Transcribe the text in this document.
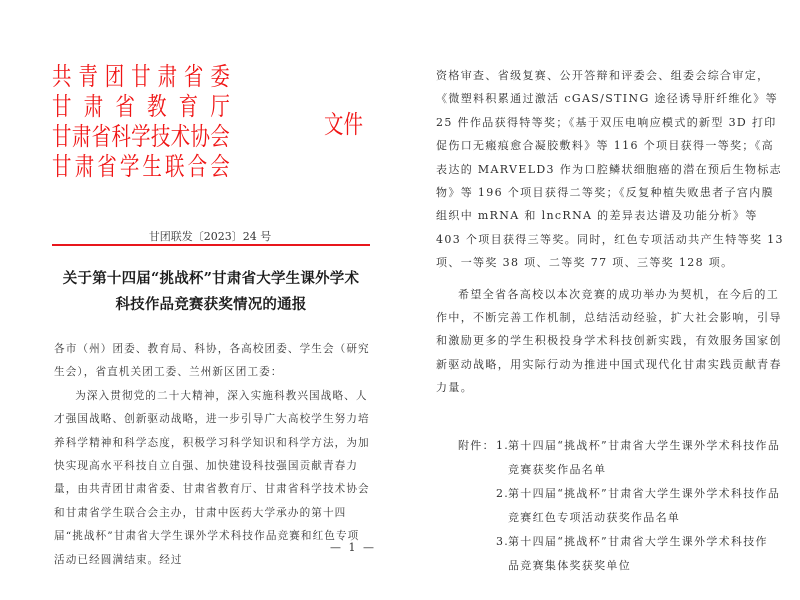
共 青 团 甘 肃 省 委
甘 肃 省 教 育 厅
甘 肃 省 科 学 技 术 协 会
甘 肃 省 学 生 联 合 会
文件
甘团联发〔2023〕24 号
关于第十四届“挑战杯”甘肃省大学生课外学术
科技作品竞赛获奖情况的通报

各市（州）团委、教育局、科协，各高校团委、学生会（研究生会），省直机关团工委、兰州新区团工委：

为深入贯彻党的二十大精神，深入实施科教兴国战略、人才强国战略、创新驱动战略，进一步引导广大高校学生努力培养科学精神和科学态度，积极学习科学知识和科学方法，为加快实现高水平科技自立自强、加快建设科技强国贡献青春力量，由共青团甘肃省委、甘肃省教育厅、甘肃省科学技术协会和甘肃省学生联合会主办，甘肃中医药大学承办的第十四届“挑战杯”甘肃省大学生课外学术科技作品竞赛和红色专项活动已经圆满结束。经过

— 1 —

资格审查、省级复赛、公开答辩和评委会、组委会综合审定，《微塑料积累通过激活 cGAS/STING 途径诱导肝纤维化》等 25 件作品获得特等奖；《基于双压电响应模式的新型 3D 打印促伤口无瘢痕愈合凝胶敷料》等 116 个项目获得一等奖；《高表达的 MARVELD3 作为口腔鳞状细胞癌的潜在预后生物标志物》等 196 个项目获得二等奖；《反复种植失败患者子宫内膜组织中 mRNA 和 lncRNA 的差异表达谱及功能分析》等 403 个项目获得三等奖。同时，红色专项活动共产生特等奖 13 项、一等奖 38 项、二等奖 77 项、三等奖 128 项。

希望全省各高校以本次竞赛的成功举办为契机，在今后的工作中，不断完善工作机制，总结活动经验，扩大社会影响，引导和激励更多的学生积极投身学术科技创新实践，有效服务国家创新驱动战略，用实际行动为推进中国式现代化甘肃实践贡献青春力量。

附件： 1.
第十四届“挑战杯”甘肃省大学生课外学术科技作品
竞赛获奖作品名单
2.
第十四届“挑战杯”甘肃省大学生课外学术科技作品
竞赛红色专项活动获奖作品名单
3.
第十四届“挑战杯”甘肃省大学生课外学术科技作
品竞赛集体奖获奖单位
